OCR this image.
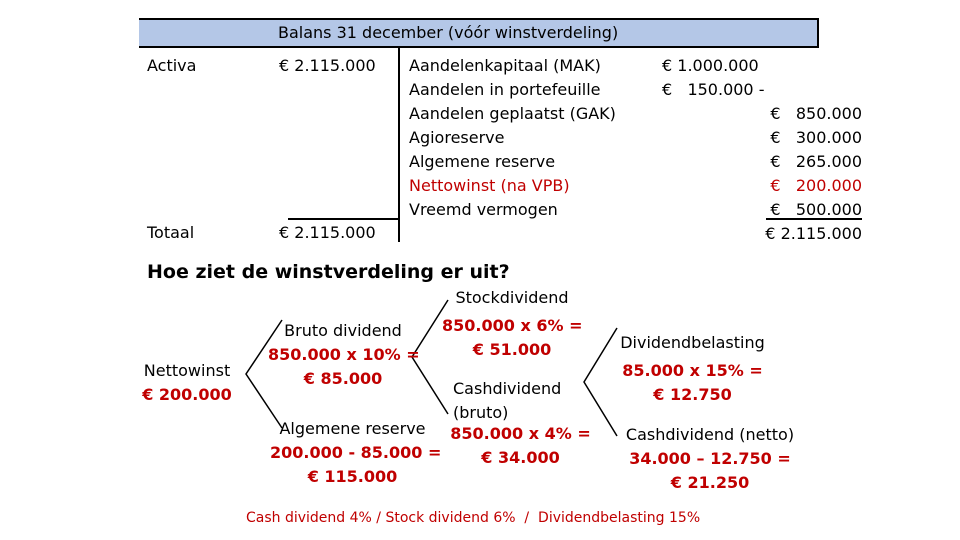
Balans 31 december (vóór winstverdeling)
Activa	€ 2.115.000
Totaal	€ 2.115.000
Aandelenkapitaal (MAK)
Aandelen in portefeuille
Aandelen geplaatst (GAK)
Agioreserve
Algemene reserve
Nettowinst (na VPB)
Vreemd vermogen
€ 1.000.000
€   150.000 -
€   850.000
€   300.000
€   265.000
€   200.000
€   500.000
€ 2.115.000
Hoe ziet de winstverdeling er uit?
Nettowinst
€ 200.000
Bruto dividend
850.000 x 10% =
€ 85.000
Algemene reserve
200.000 - 85.000 =
€ 115.000
Stockdividend
850.000 x 6% =
€ 51.000
Cashdividend
(bruto)
850.000 x 4% =
€ 34.000
Dividendbelasting
85.000 x 15% =
€ 12.750
Cashdividend (netto)
34.000 – 12.750 =
€ 21.250
Cash dividend 4% / Stock dividend 6%  /  Dividendbelasting 15%
